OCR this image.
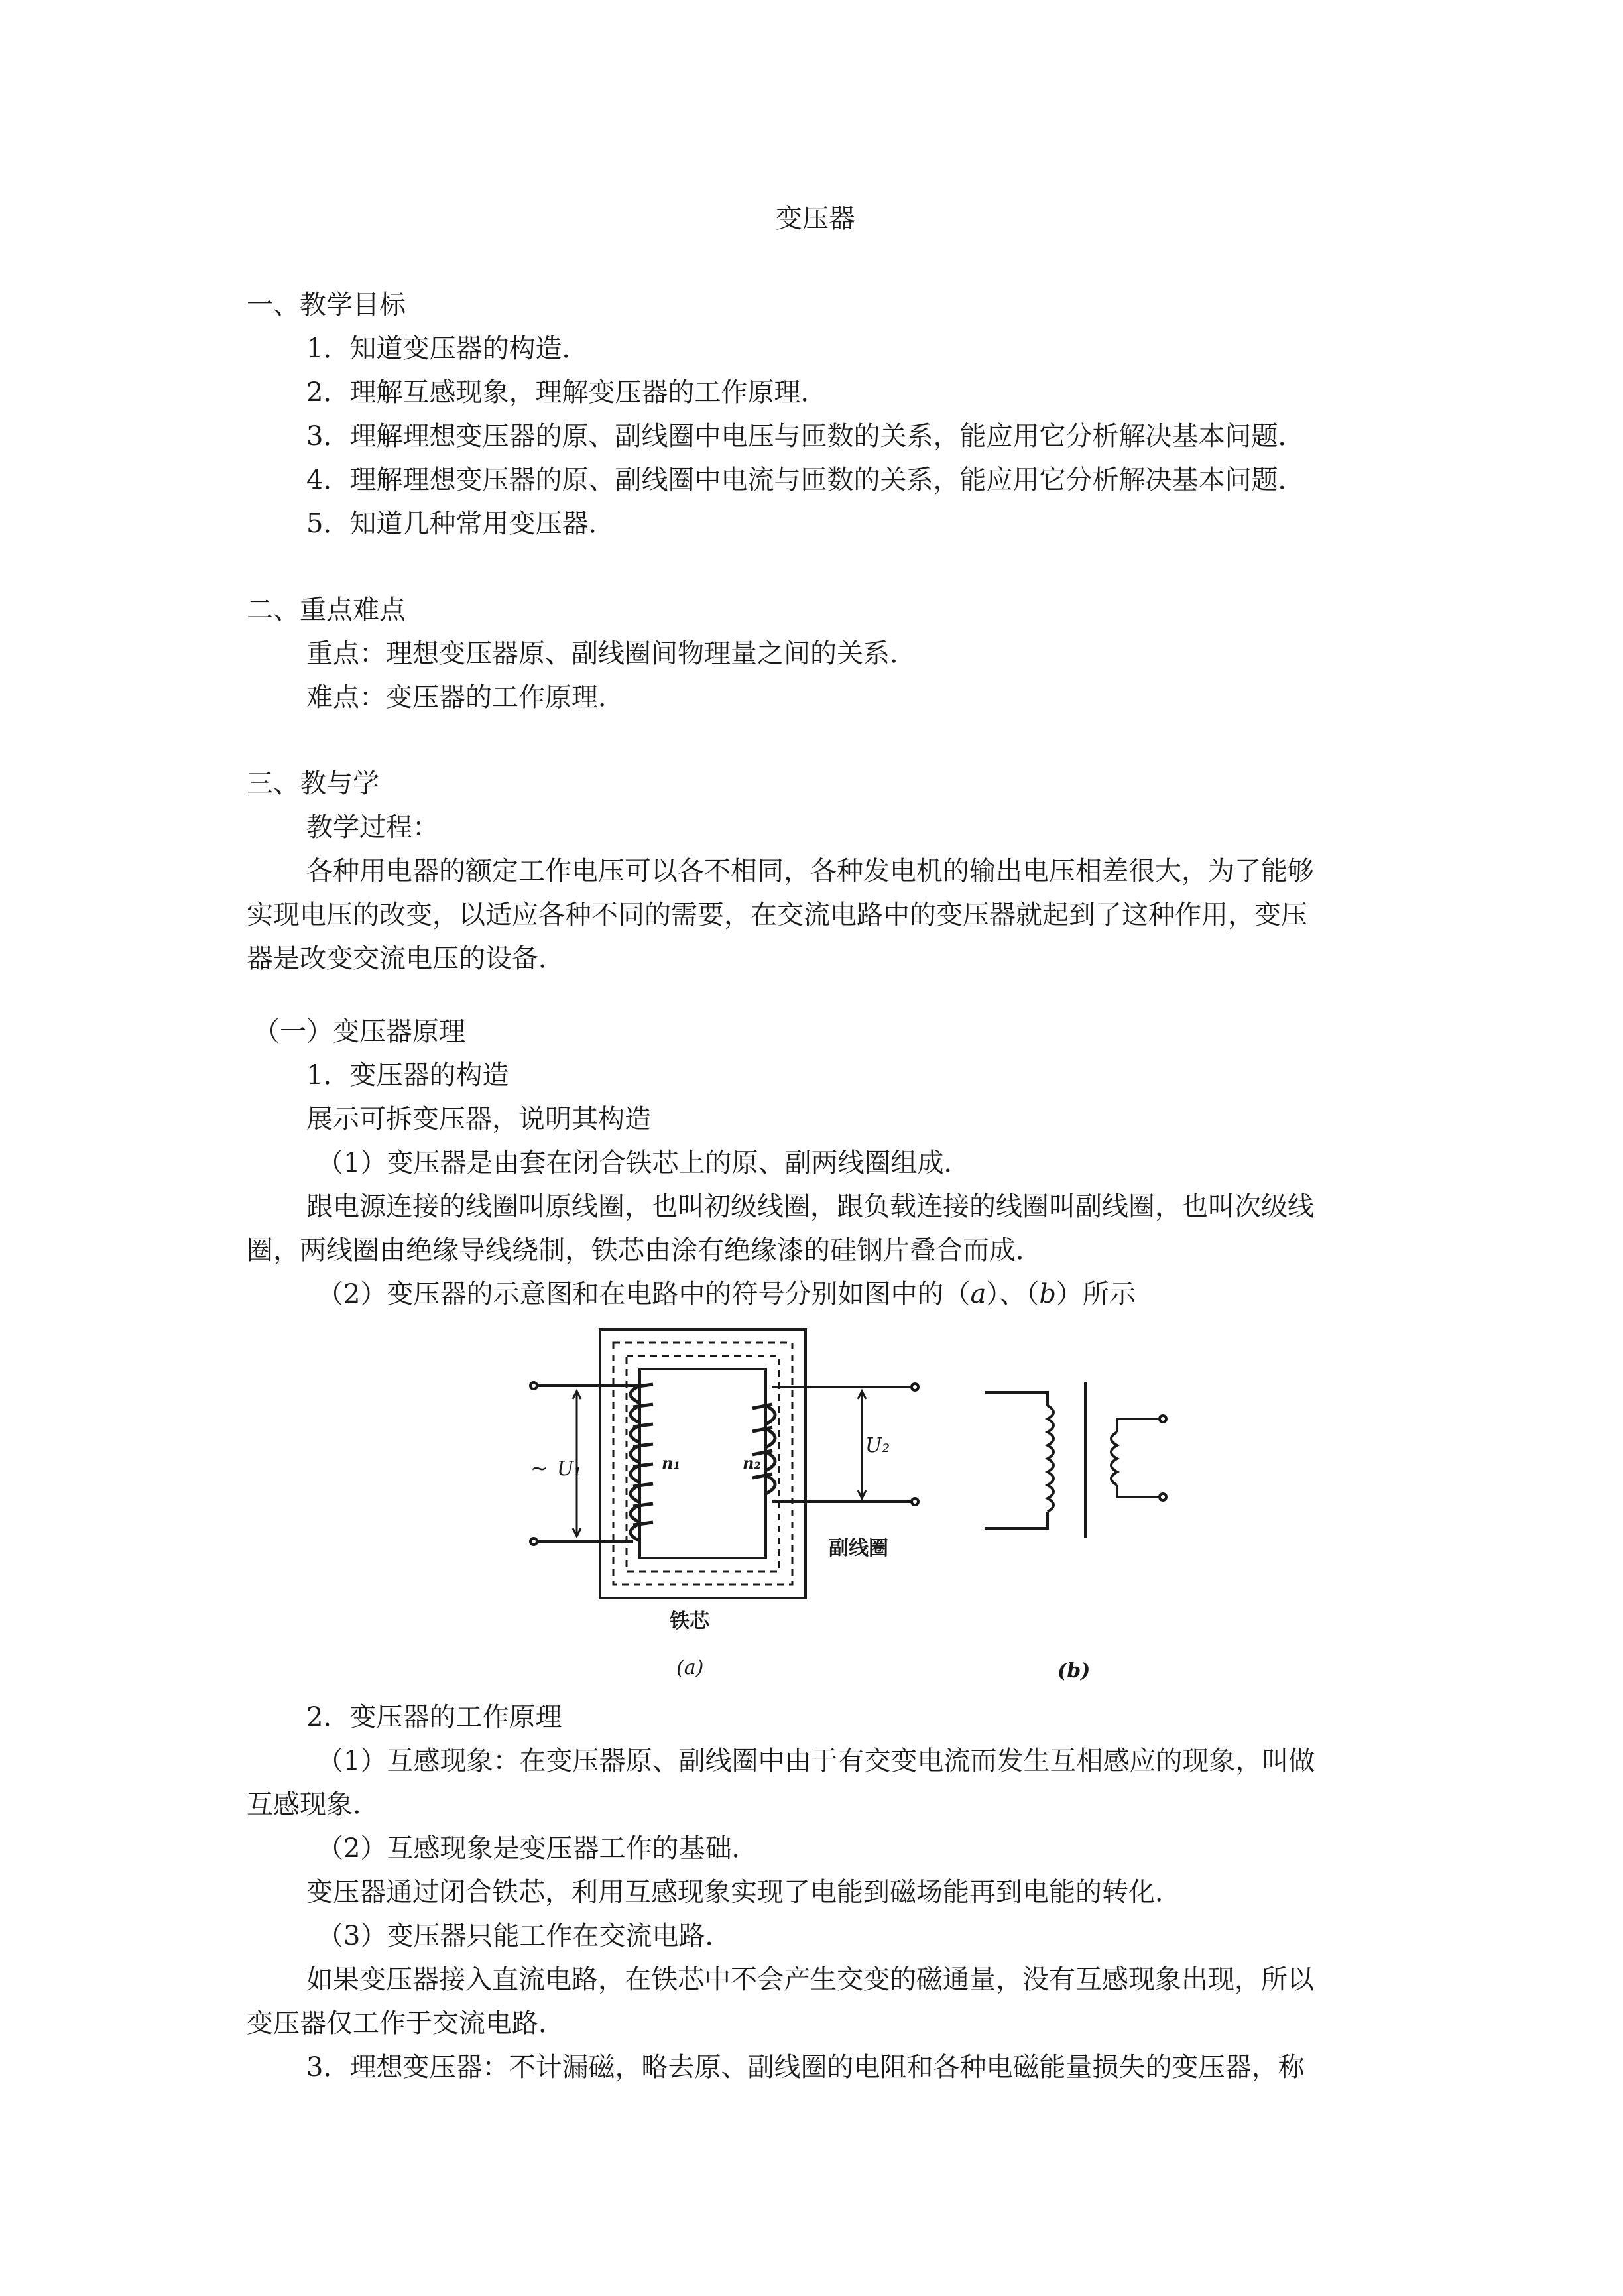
变压器
一、教学目标
1．知道变压器的构造．
2．理解互感现象，理解变压器的工作原理．
3．理解理想变压器的原、副线圈中电压与匝数的关系，能应用它分析解决基本问题．
4．理解理想变压器的原、副线圈中电流与匝数的关系，能应用它分析解决基本问题．
5．知道几种常用变压器．
二、重点难点
重点：理想变压器原、副线圈间物理量之间的关系．
难点：变压器的工作原理．
三、教与学
教学过程：
各种用电器的额定工作电压可以各不相同，各种发电机的输出电压相差很大，为了能够
实现电压的改变，以适应各种不同的需要，在交流电路中的变压器就起到了这种作用，变压
器是改变交流电压的设备．
（一）变压器原理
1．变压器的构造
展示可拆变压器，说明其构造
（1）变压器是由套在闭合铁芯上的原、副两线圈组成．
跟电源连接的线圈叫原线圈，也叫初级线圈，跟负载连接的线圈叫副线圈，也叫次级线
圈，两线圈由绝缘导线绕制，铁芯由涂有绝缘漆的硅钢片叠合而成．
（2）变压器的示意图和在电路中的符号分别如图中的（a）、（b）所示
~ U₁	n₁	n₂
U₂
副线圈
铁芯
(a)	(b)
2．变压器的工作原理
（1）互感现象：在变压器原、副线圈中由于有交变电流而发生互相感应的现象，叫做
互感现象．
（2）互感现象是变压器工作的基础．
变压器通过闭合铁芯，利用互感现象实现了电能到磁场能再到电能的转化．
（3）变压器只能工作在交流电路．
如果变压器接入直流电路，在铁芯中不会产生交变的磁通量，没有互感现象出现，所以
变压器仅工作于交流电路．
3．理想变压器：不计漏磁，略去原、副线圈的电阻和各种电磁能量损失的变压器，称
